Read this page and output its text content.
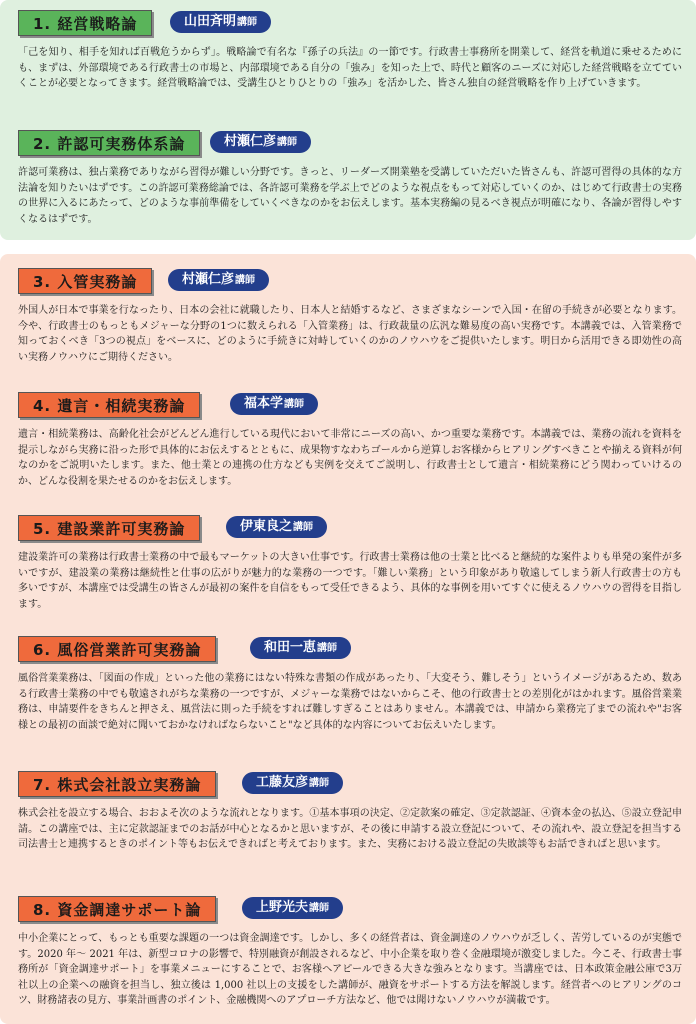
1. 経営戦略論	山田斉明 講師
「己を知り、相手を知れば百戦危うからず」。戦略論で有名な『孫子の兵法』の一節です。行政書士事務所を開業して、経営を軌道に乗せるためにも、まずは、外部環境である行政書士の市場と、内部環境である自分の「強み」を知った上で、時代と顧客のニーズに対応した経営戦略を立てていくことが必要となってきます。経営戦略論では、受講生ひとりひとりの「強み」を活かした、皆さん独自の経営戦略を作り上げていきます。
2. 許認可実務体系論	村瀬仁彦 講師
許認可業務は、独占業務でありながら習得が難しい分野です。きっと、リーダーズ開業塾を受講していただいた皆さんも、許認可習得の具体的な方法論を知りたいはずです。この許認可業務総論では、各許認可業務を学ぶ上でどのような視点をもって対応していくのか、はじめて行政書士の実務の世界に入るにあたって、どのような事前準備をしていくべきなのかをお伝えします。基本実務編の見るべき視点が明確になり、各論が習得しやすくなるはずです。
3. 入管実務論	村瀬仁彦 講師
外国人が日本で事業を行なったり、日本の会社に就職したり、日本人と結婚するなど、さまざまなシーンで入国・在留の手続きが必要となります。今や、行政書士のもっともメジャーな分野の1つに数えられる「入管業務」は、行政裁量の広汎な難易度の高い実務です。本講義では、入管業務で知っておくべき「3つの視点」をベースに、どのように手続きに対峙していくのかのノウハウをご提供いたします。明日から活用できる即効性の高い実務ノウハウにご期待ください。
4. 遺言・相続実務論	福本学 講師
遺言・相続業務は、高齢化社会がどんどん進行している現代において非常にニーズの高い、かつ重要な業務です。本講義では、業務の流れを資料を提示しながら実務に沿った形で具体的にお伝えするとともに、成果物すなわちゴールから逆算しお客様からヒアリングすべきことや揃える資料が何なのかをご説明いたします。また、他士業との連携の仕方なども実例を交えてご説明し、行政書士として遺言・相続業務にどう関わっていけるのか、どんな役割を果たせるのかをお伝えします。
5. 建設業許可実務論	伊東良之 講師
建設業許可の業務は行政書士業務の中で最もマーケットの大きい仕事です。行政書士業務は他の士業と比べると継続的な案件よりも単発の案件が多いですが、建設業の業務は継続性と仕事の広がりが魅力的な業務の一つです。「難しい業務」という印象があり敬遠してしまう新人行政書士の方も多いですが、本講座では受講生の皆さんが最初の案件を自信をもって受任できるよう、具体的な事例を用いてすぐに使えるノウハウの習得を目指します。
6. 風俗営業許可実務論	和田一恵 講師
風俗営業業務は、「図面の作成」といった他の業務にはない特殊な書類の作成があったり、「大変そう、難しそう」というイメージがあるため、数ある行政書士業務の中でも敬遠されがちな業務の一つですが、メジャーな業務ではないからこそ、他の行政書士との差別化がはかれます。風俗営業業務は、申請要件をきちんと押さえ、風営法に則った手続をすれば難しすぎることはありません。本講義では、申請から業務完了までの流れや"お客様との最初の面談で絶対に聞いておかなければならないこと"など具体的な内容についてお伝えいたします。
7. 株式会社設立実務論	工藤友彦 講師
株式会社を設立する場合、おおよそ次のような流れとなります。①基本事項の決定、②定款案の確定、③定款認証、④資本金の払込、⑤設立登記申請。この講座では、主に定款認証までのお話が中心となるかと思いますが、その後に申請する設立登記について、その流れや、設立登記を担当する司法書士と連携するときのポイント等もお伝えできればと考えております。また、実務における設立登記の失敗談等もお話できればと思います。
8. 資金調達サポート論	上野光夫 講師
中小企業にとって、もっとも重要な課題の一つは資金調達です。しかし、多くの経営者は、資金調達のノウハウが乏しく、苦労しているのが実態です。2020 年～ 2021 年は、新型コロナの影響で、特別融資が創設されるなど、中小企業を取り巻く金融環境が激変しました。今こそ、行政書士事務所が「資金調達サポート」を事業メニューにすることで、お客様へアピールできる大きな強みとなります。当講座では、日本政策金融公庫で3万社以上の企業への融資を担当し、独立後は 1,000 社以上の支援をした講師が、融資をサポートする方法を解説します。経営者へのヒアリングのコツ、財務諸表の見方、事業計画書のポイント、金融機関へのアプローチ方法など、他では聞けないノウハウが満載です。
